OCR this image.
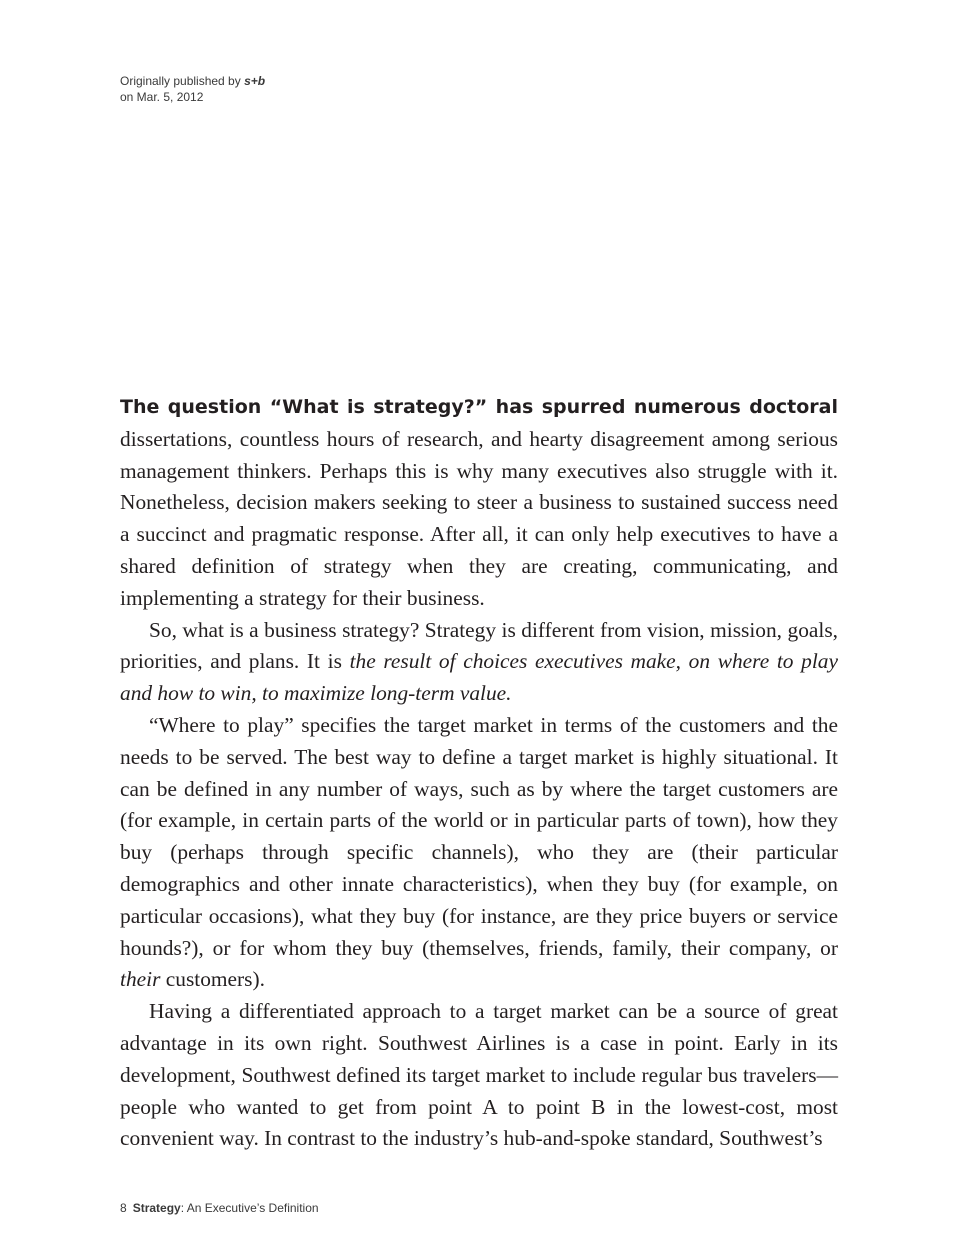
Originally published by s+b
on Mar. 5, 2012

The question “What is strategy?” has spurred numerous doctoral dissertations, countless hours of research, and hearty disagreement among serious management thinkers. Perhaps this is why many executives also struggle with it. Nonetheless, decision makers seeking to steer a business to sustained success need a succinct and pragmatic response. After all, it can only help executives to have a shared definition of strategy when they are creating, communicating, and implementing a strategy for their business.

So, what is a business strategy? Strategy is different from vision, mission, goals, priorities, and plans. It is the result of choices executives make, on where to play and how to win, to maximize long-term value.

“Where to play” specifies the target market in terms of the customers and the needs to be served. The best way to define a target market is highly situational. It can be defined in any number of ways, such as by where the target customers are (for example, in certain parts of the world or in particular parts of town), how they buy (perhaps through specific channels), who they are (their particular demographics and other innate characteristics), when they buy (for example, on particular occasions), what they buy (for instance, are they price buyers or service hounds?), or for whom they buy (themselves, friends, family, their company, or their customers).

Having a differentiated approach to a target market can be a source of great advantage in its own right. Southwest Airlines is a case in point. Early in its development, Southwest defined its target market to include regular bus travelers—people who wanted to get from point A to point B in the lowest-cost, most convenient way. In contrast to the industry’s hub-and-spoke standard, Southwest’s

8 Strategy: An Executive’s Definition
